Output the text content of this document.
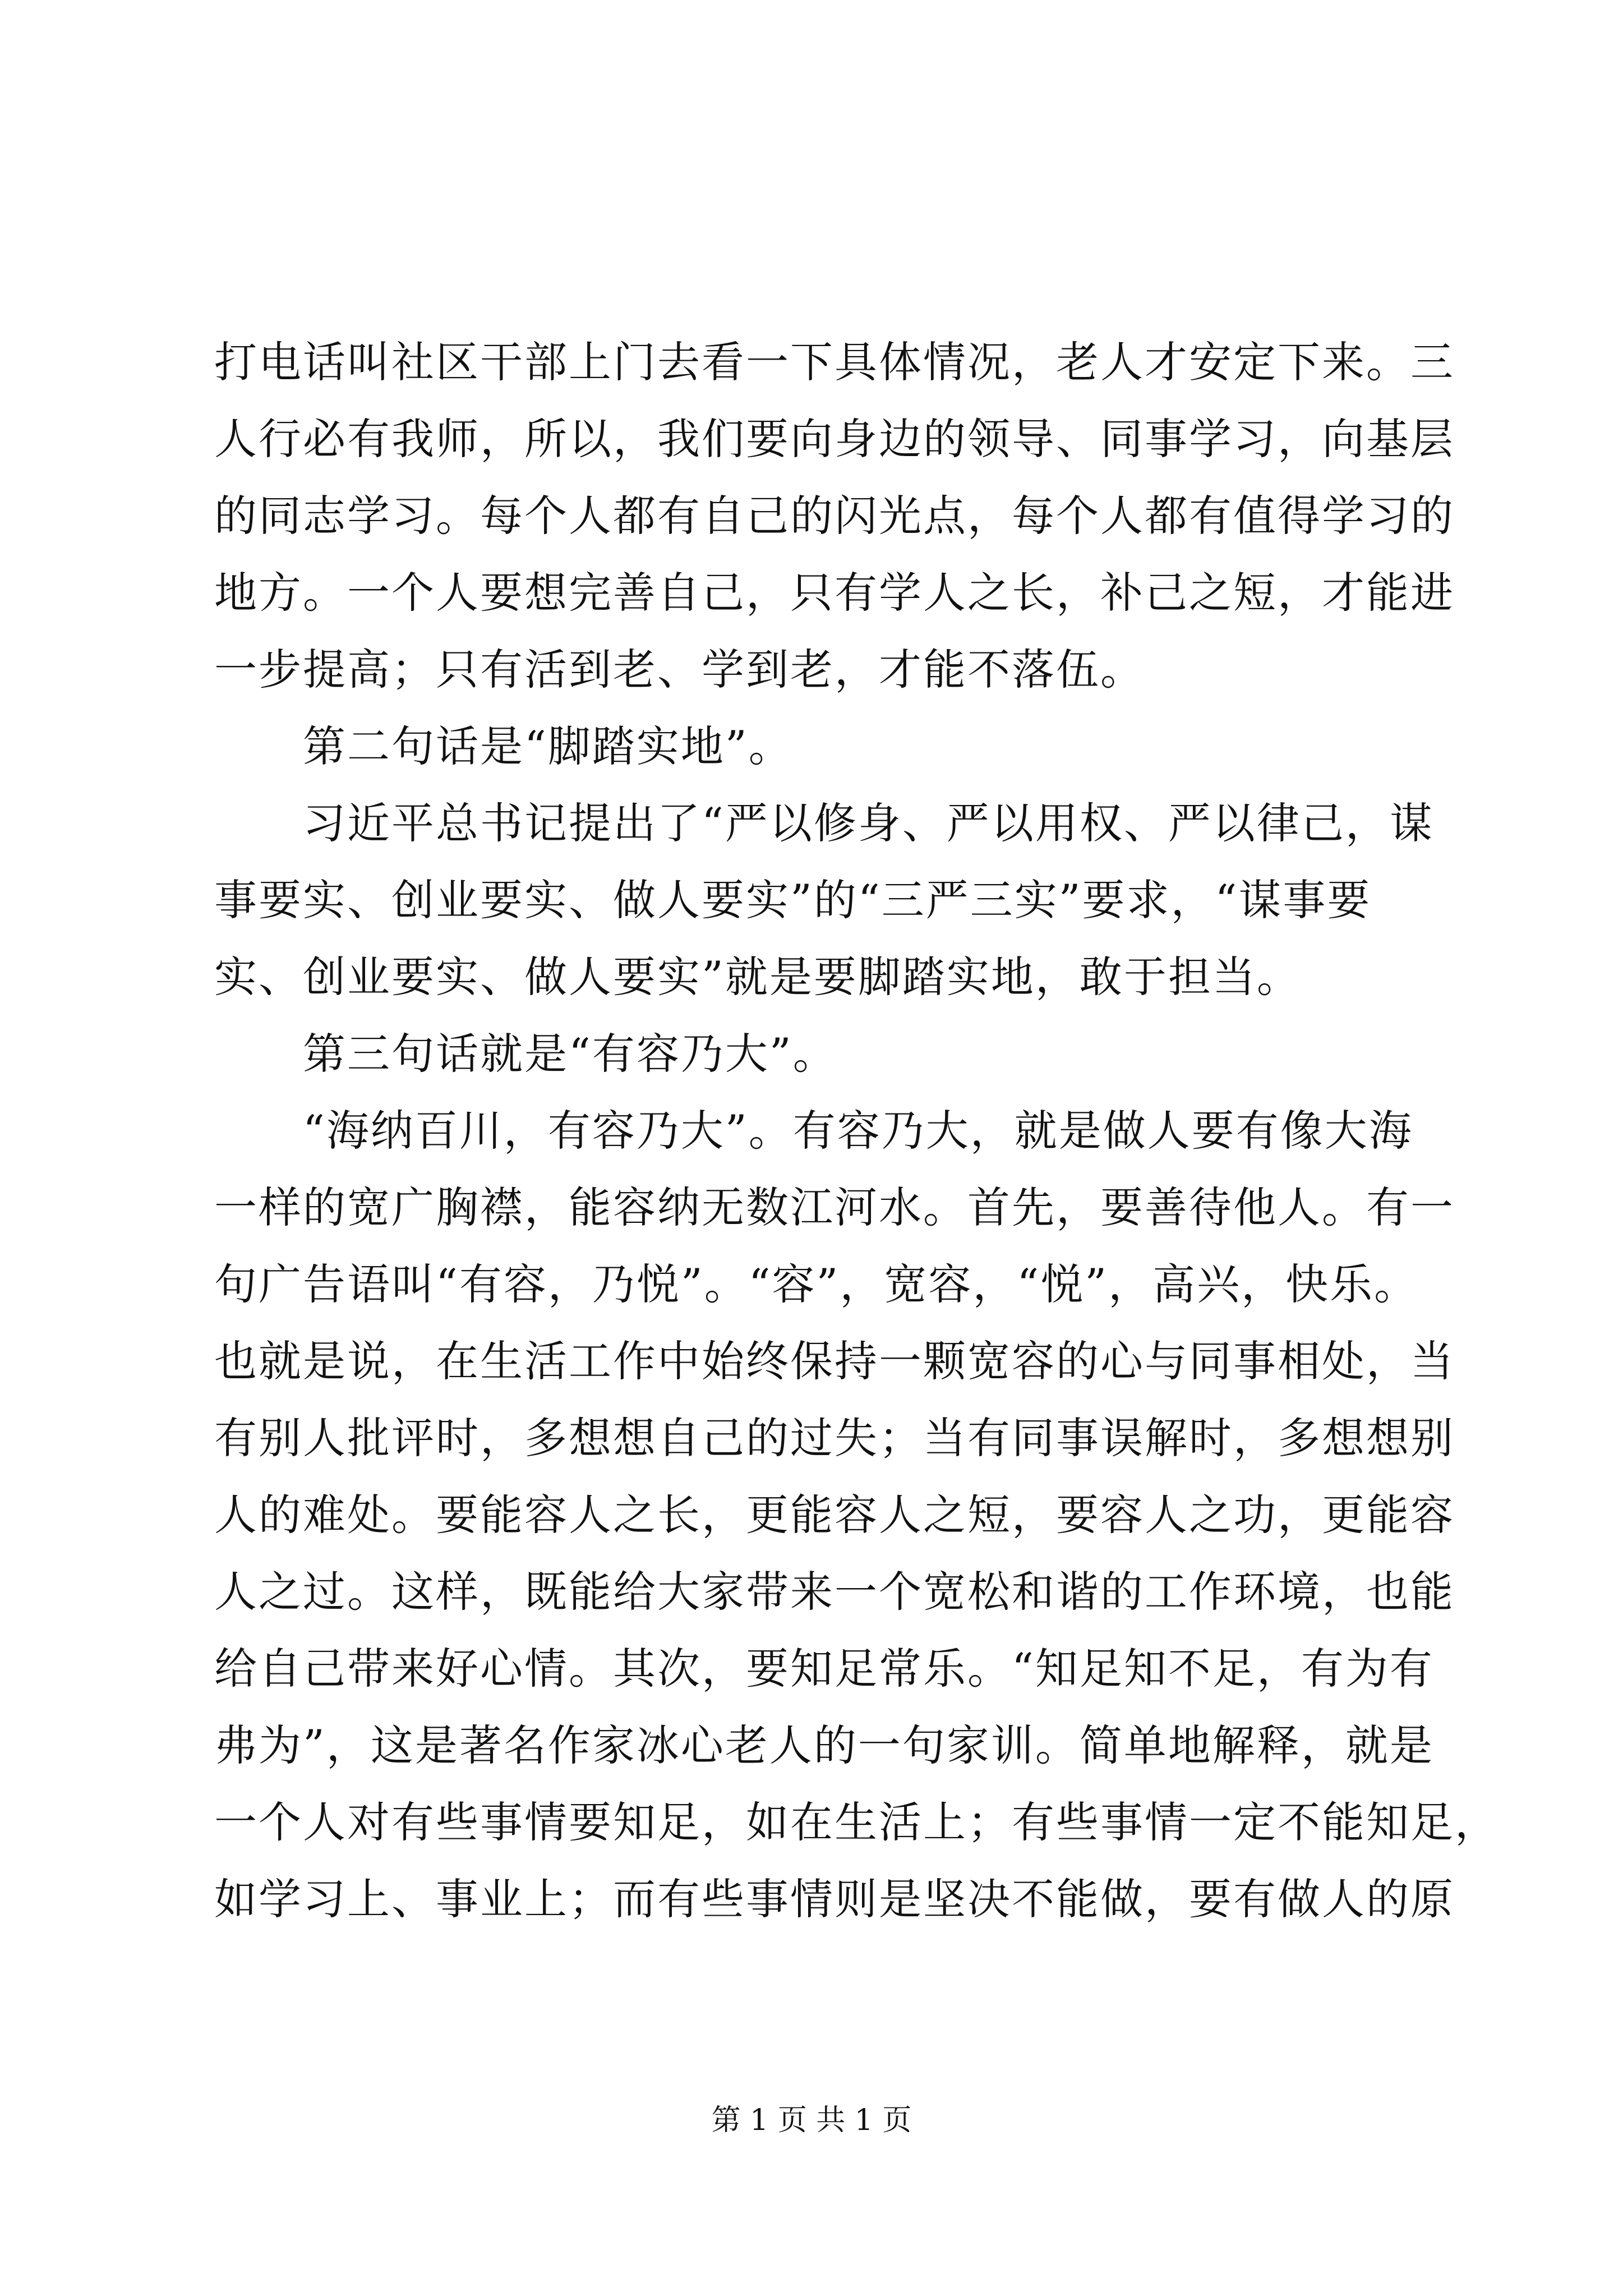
打电话叫社区干部上门去看一下具体情况，老人才安定下来。三
人行必有我师，所以，我们要向身边的领导、同事学习，向基层
的同志学习。每个人都有自己的闪光点，每个人都有值得学习的
地方。一个人要想完善自己，只有学人之长，补己之短，才能进
一步提高；只有活到老、学到老，才能不落伍。
　　第二句话是“脚踏实地”。
　　习近平总书记提出了“严以修身、严以用权、严以律己，谋
事要实、创业要实、做人要实”的“三严三实”要求，“谋事要
实、创业要实、做人要实”就是要脚踏实地，敢于担当。
　　第三句话就是“有容乃大”。
　　“海纳百川，有容乃大”。有容乃大，就是做人要有像大海
一样的宽广胸襟，能容纳无数江河水。首先，要善待他人。有一
句广告语叫“有容，乃悦”。“容”，宽容，“悦”，高兴，快乐。
也就是说，在生活工作中始终保持一颗宽容的心与同事相处，当
有别人批评时，多想想自己的过失；当有同事误解时，多想想别
人的难处。要能容人之长，更能容人之短，要容人之功，更能容
人之过。这样，既能给大家带来一个宽松和谐的工作环境，也能
给自己带来好心情。其次，要知足常乐。“知足知不足，有为有
弗为”，这是著名作家冰心老人的一句家训。简单地解释，就是
一个人对有些事情要知足，如在生活上；有些事情一定不能知足，
如学习上、事业上；而有些事情则是坚决不能做，要有做人的原
第 1 页 共 1 页
